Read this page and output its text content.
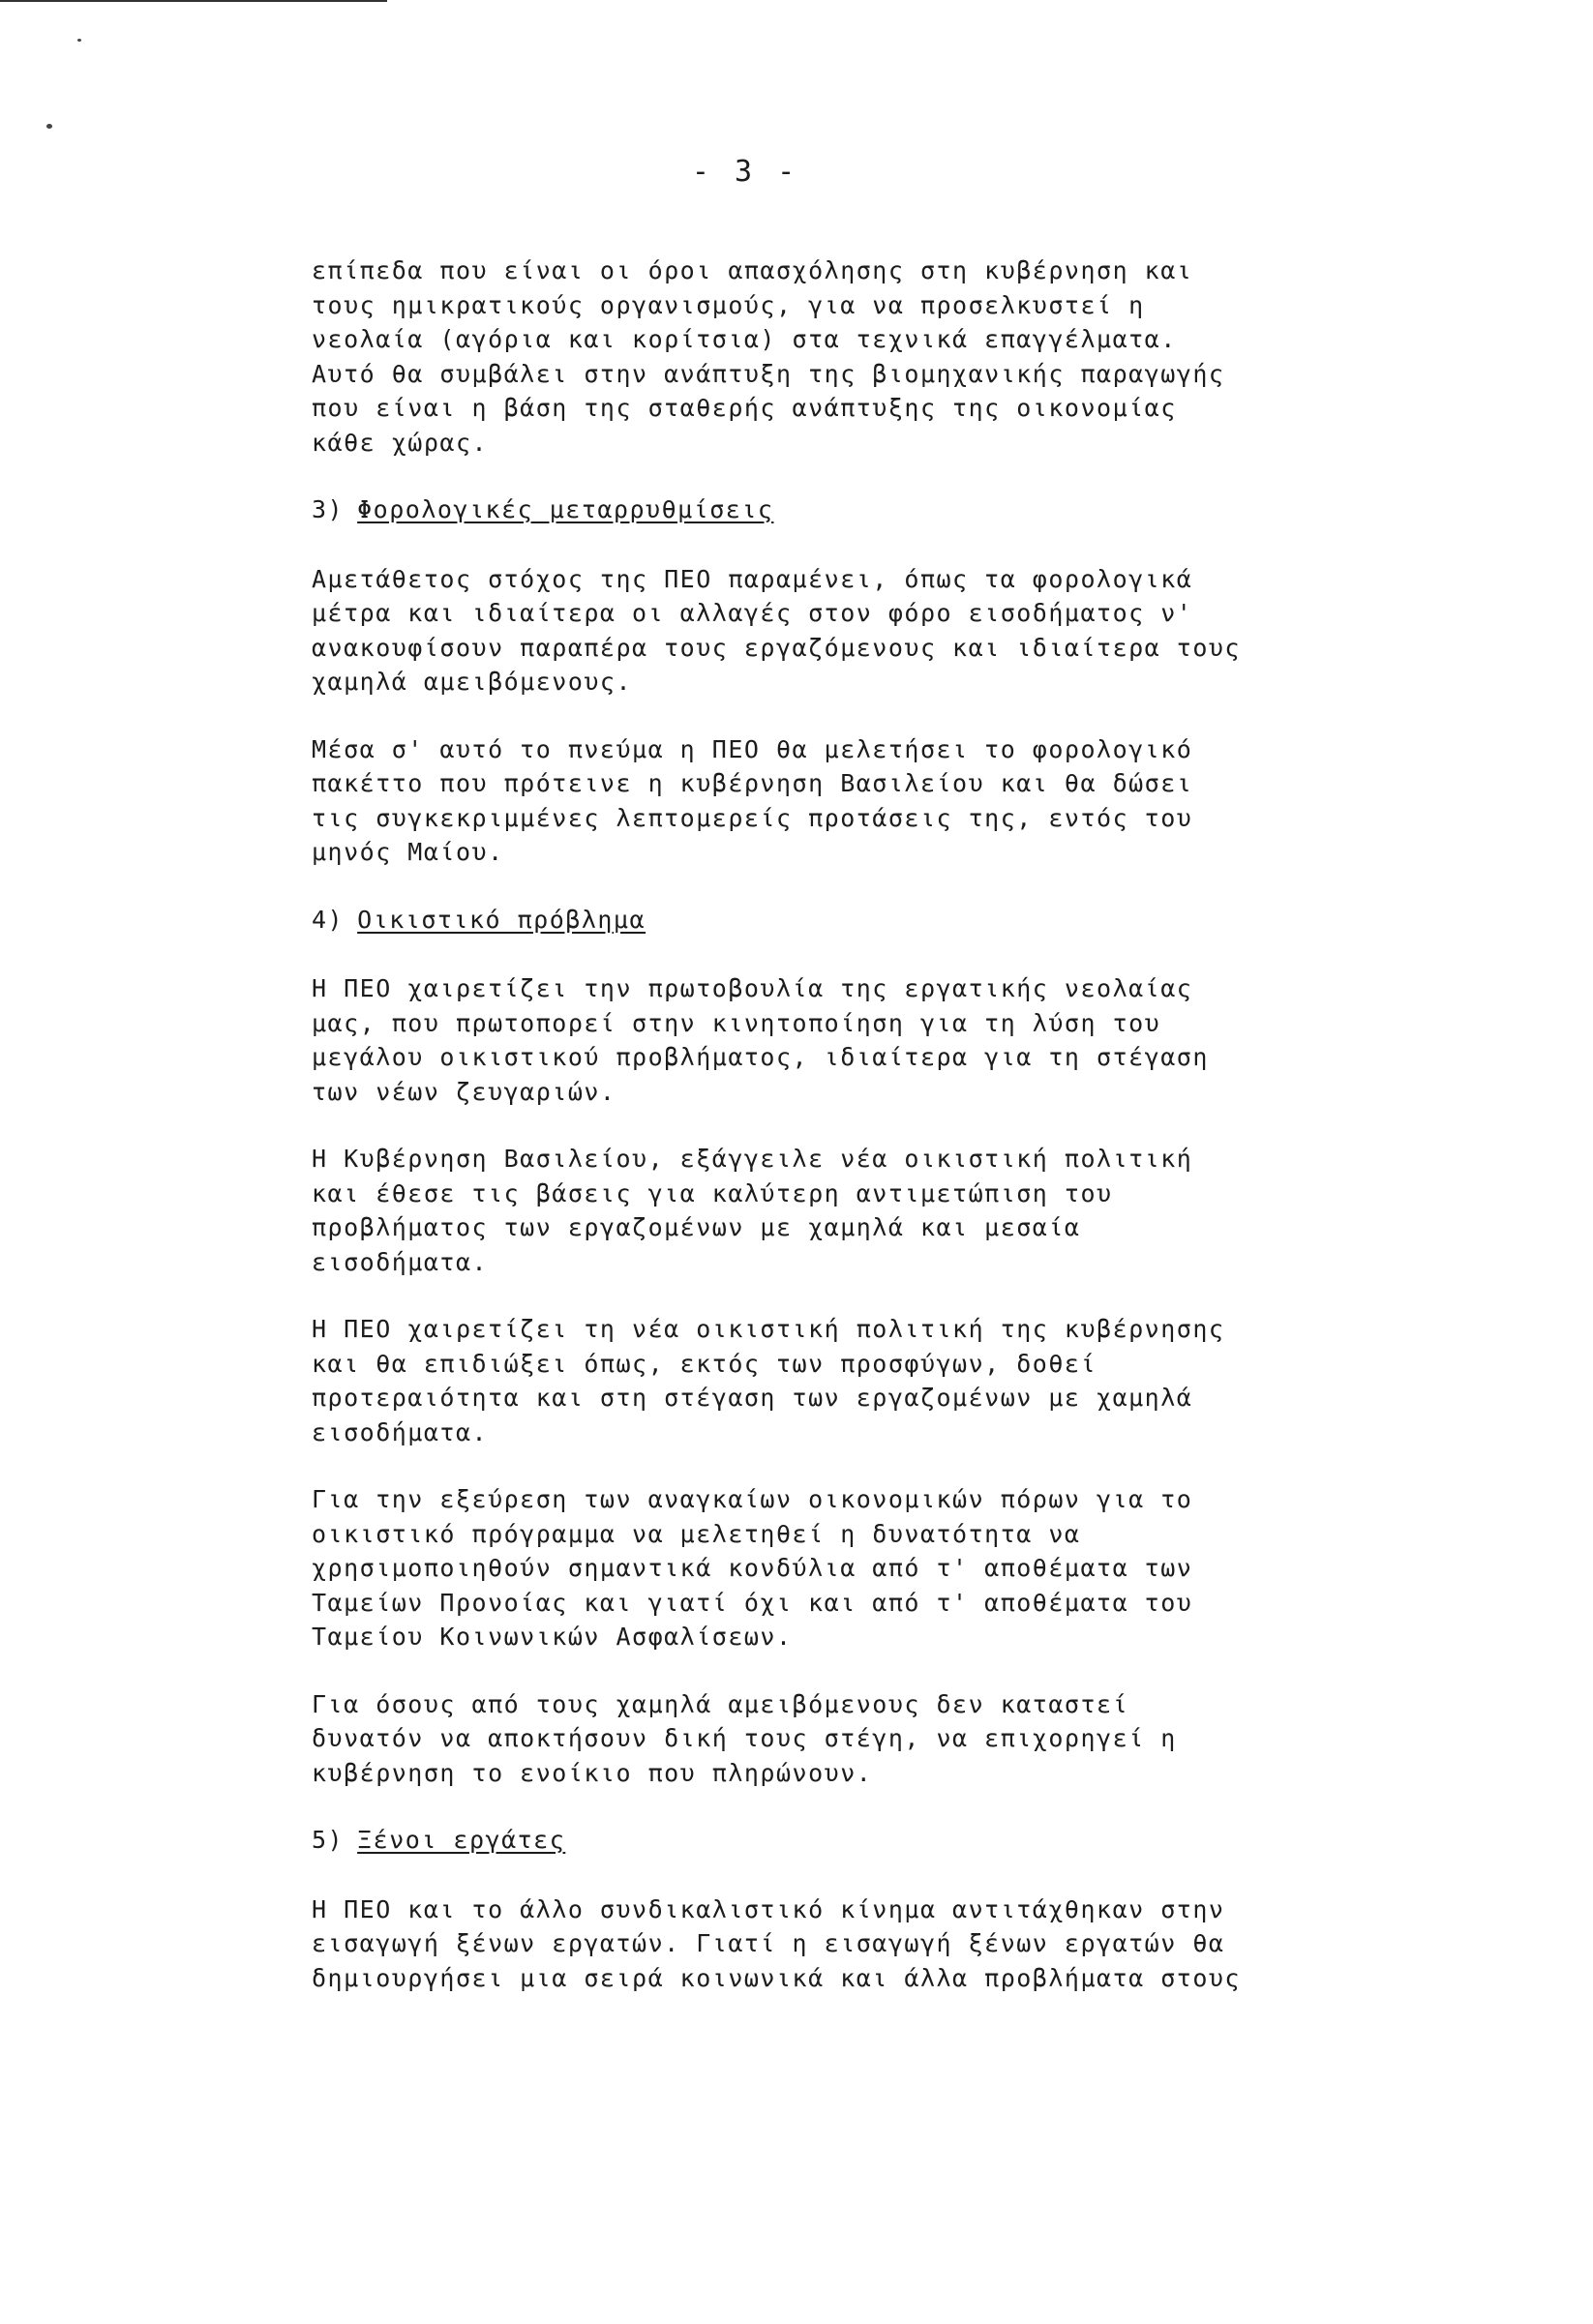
- 3 -

επίπεδα που είναι οι όροι απασχόλησης στη κυβέρνηση και
τους ημικρατικούς οργανισμούς, για να προσελκυστεί η
νεολαία (αγόρια και κορίτσια) στα τεχνικά επαγγέλματα.
Αυτό θα συμβάλει στην ανάπτυξη της βιομηχανικής παραγωγής
που είναι η βάση της σταθερής ανάπτυξης της οικονομίας
κάθε χώρας.

3) Φορολογικές μεταρρυθμίσεις

Αμετάθετος στόχος της ΠΕΟ παραμένει, όπως τα φορολογικά
μέτρα και ιδιαίτερα οι αλλαγές στον φόρο εισοδήματος ν'
ανακουφίσουν παραπέρα τους εργαζόμενους και ιδιαίτερα τους
χαμηλά αμειβόμενους.

Μέσα σ' αυτό το πνεύμα η ΠΕΟ θα μελετήσει το φορολογικό
πακέττο που πρότεινε η κυβέρνηση Βασιλείου και θα δώσει
τις συγκεκριμμένες λεπτομερείς προτάσεις της, εντός του
μηνός Μαίου.

4) Οικιστικό πρόβλημα

Η ΠΕΟ χαιρετίζει την πρωτοβουλία της εργατικής νεολαίας
μας, που πρωτοπορεί στην κινητοποίηση για τη λύση του
μεγάλου οικιστικού προβλήματος, ιδιαίτερα για τη στέγαση
των νέων ζευγαριών.

Η Κυβέρνηση Βασιλείου, εξάγγειλε νέα οικιστική πολιτική
και έθεσε τις βάσεις για καλύτερη αντιμετώπιση του
προβλήματος των εργαζομένων με χαμηλά και μεσαία
εισοδήματα.

Η ΠΕΟ χαιρετίζει τη νέα οικιστική πολιτική της κυβέρνησης
και θα επιδιώξει όπως, εκτός των προσφύγων, δοθεί
προτεραιότητα και στη στέγαση των εργαζομένων με χαμηλά
εισοδήματα.

Για την εξεύρεση των αναγκαίων οικονομικών πόρων για το
οικιστικό πρόγραμμα να μελετηθεί η δυνατότητα να
χρησιμοποιηθούν σημαντικά κονδύλια από τ' αποθέματα των
Ταμείων Προνοίας και γιατί όχι και από τ' αποθέματα του
Ταμείου Κοινωνικών Ασφαλίσεων.

Για όσους από τους χαμηλά αμειβόμενους δεν καταστεί
δυνατόν να αποκτήσουν δική τους στέγη, να επιχορηγεί η
κυβέρνηση το ενοίκιο που πληρώνουν.

5) Ξένοι εργάτες

Η ΠΕΟ και το άλλο συνδικαλιστικό κίνημα αντιτάχθηκαν στην
εισαγωγή ξένων εργατών. Γιατί η εισαγωγή ξένων εργατών θα
δημιουργήσει μια σειρά κοινωνικά και άλλα προβλήματα στους
